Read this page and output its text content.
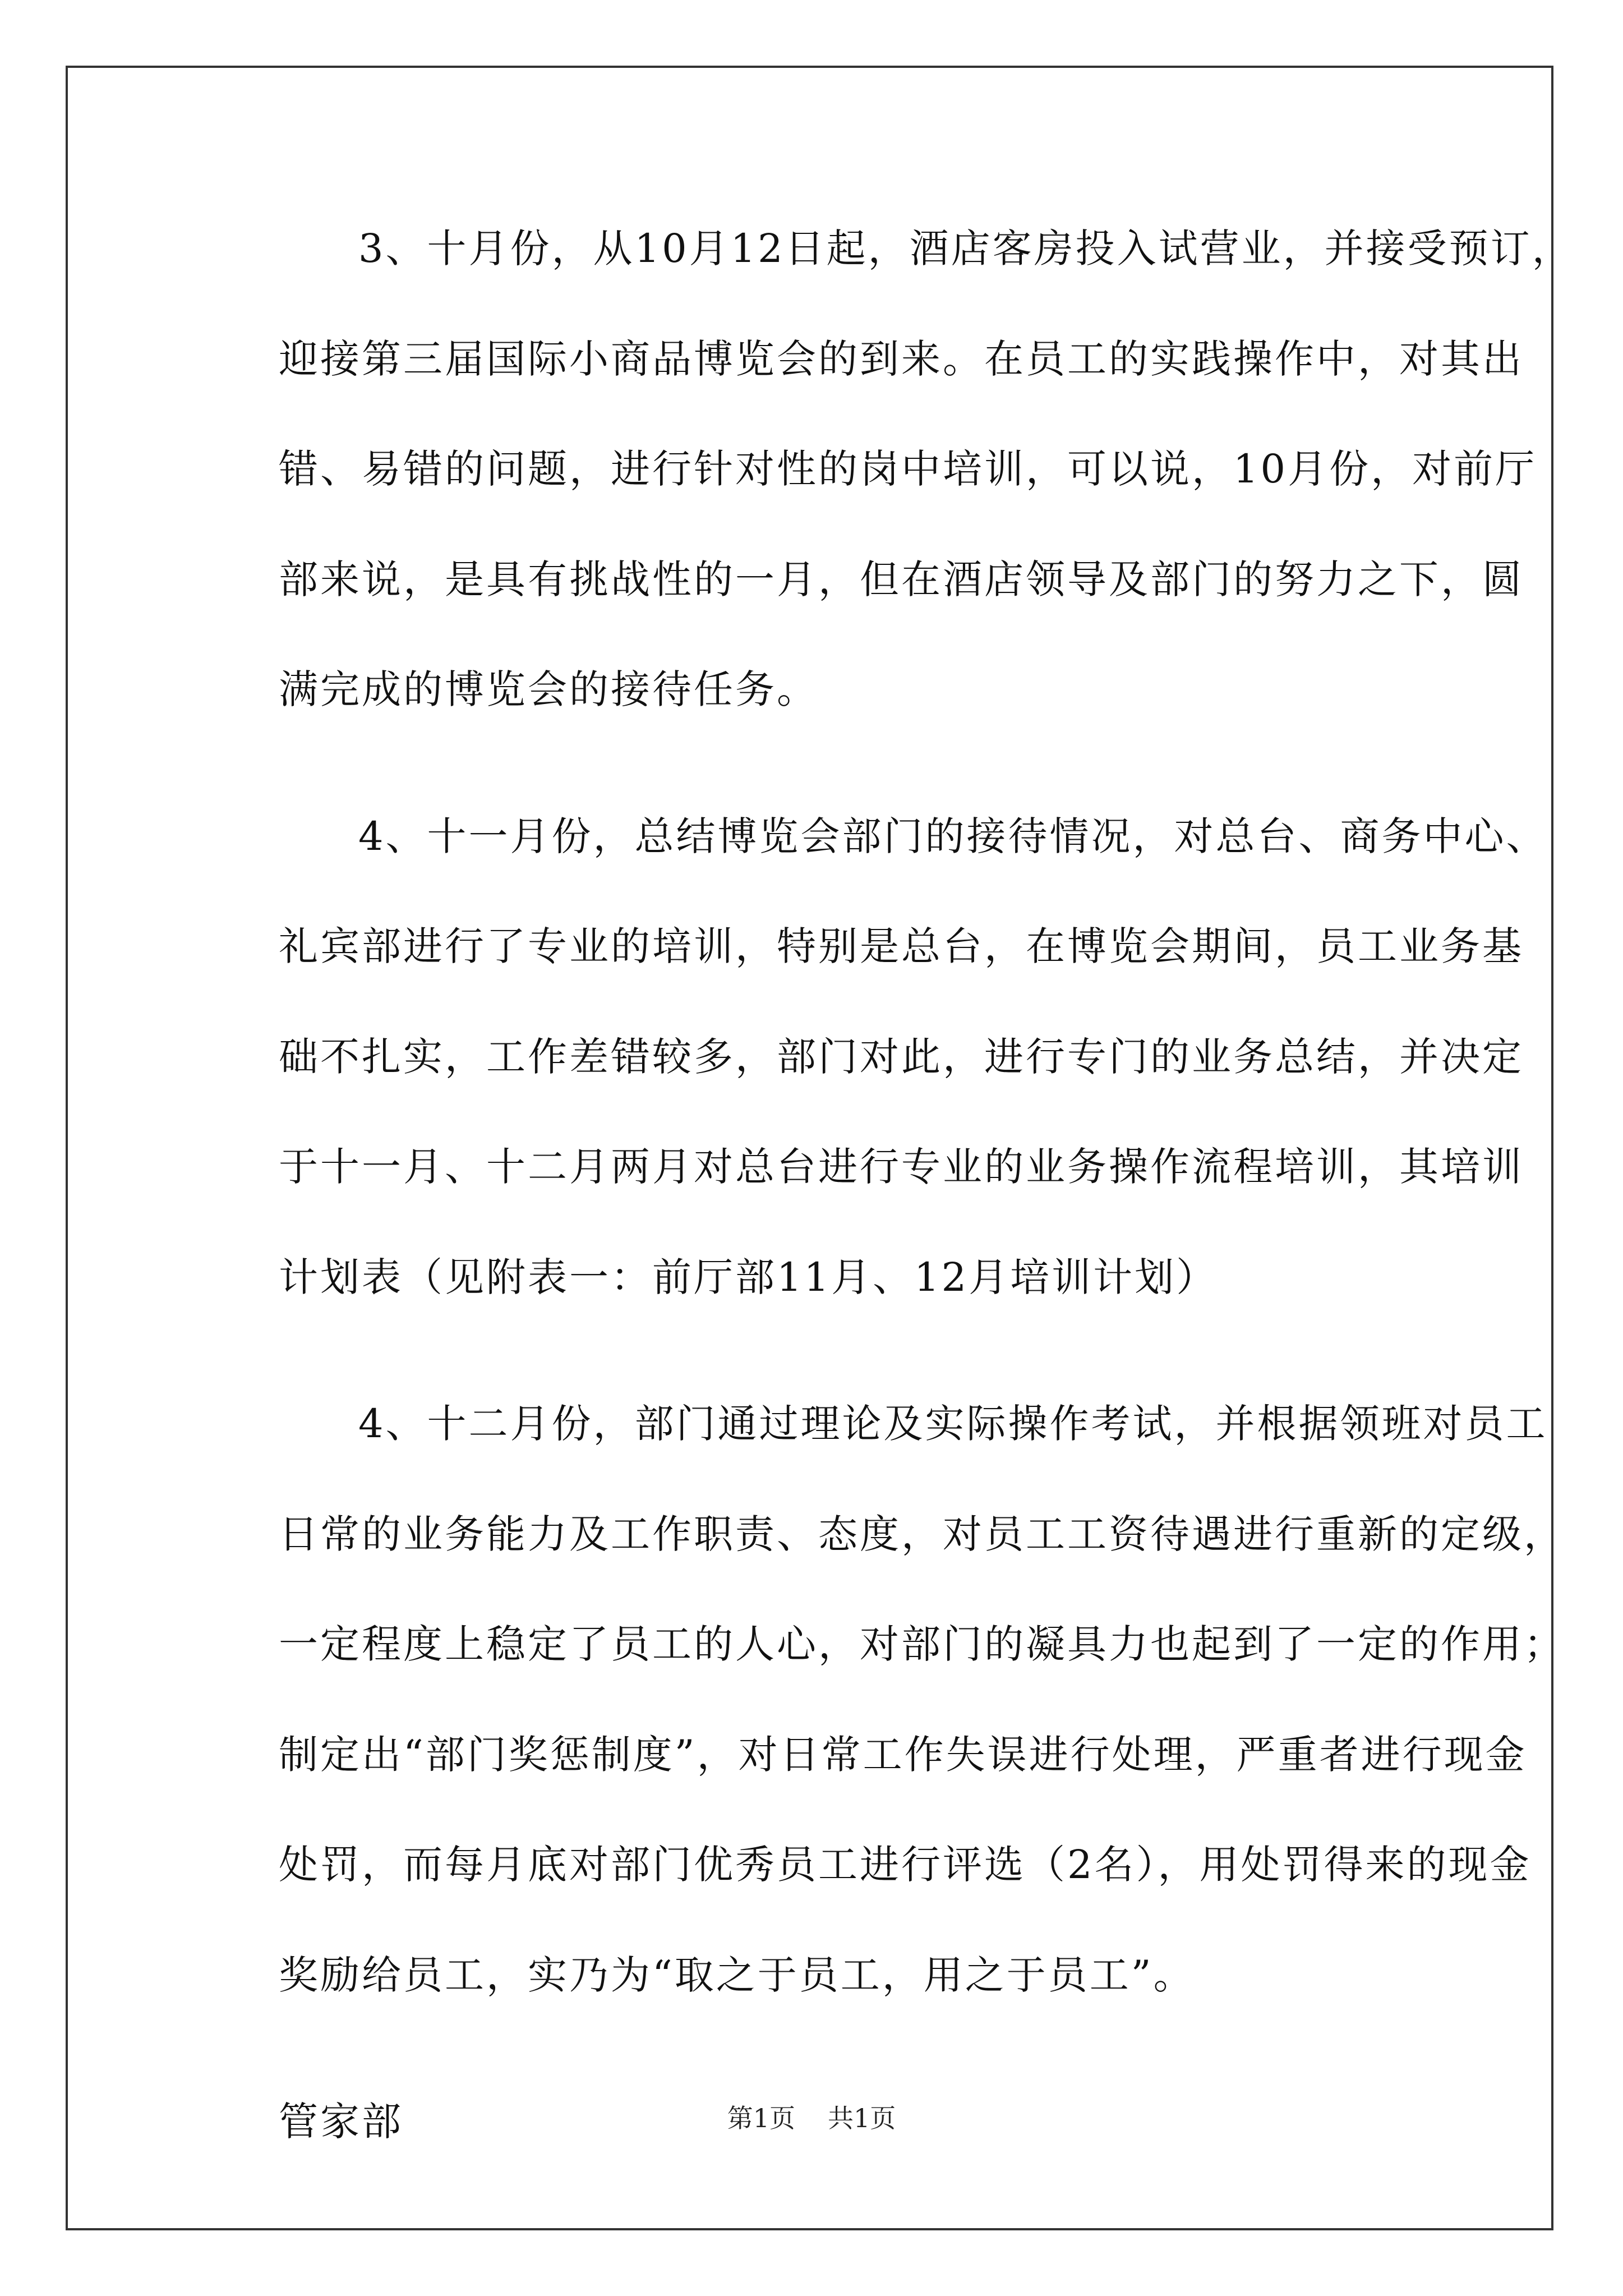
3、十月份，从10月12日起，酒店客房投入试营业，并接受预订，
迎接第三届国际小商品博览会的到来。在员工的实践操作中，对其出
错、易错的问题，进行针对性的岗中培训，可以说，10月份，对前厅
部来说，是具有挑战性的一月，但在酒店领导及部门的努力之下，圆
满完成的博览会的接待任务。
4、十一月份，总结博览会部门的接待情况，对总台、商务中心、
礼宾部进行了专业的培训，特别是总台，在博览会期间，员工业务基
础不扎实，工作差错较多，部门对此，进行专门的业务总结，并决定
于十一月、十二月两月对总台进行专业的业务操作流程培训，其培训
计划表（见附表一：前厅部11月、12月培训计划）
4、十二月份，部门通过理论及实际操作考试，并根据领班对员工
日常的业务能力及工作职责、态度，对员工工资待遇进行重新的定级，
一定程度上稳定了员工的人心，对部门的凝具力也起到了一定的作用；
制定出“部门奖惩制度”，对日常工作失误进行处理，严重者进行现金
处罚，而每月底对部门优秀员工进行评选（2名），用处罚得来的现金
奖励给员工，实乃为“取之于员工，用之于员工”。
管家部	第1页 共1页
